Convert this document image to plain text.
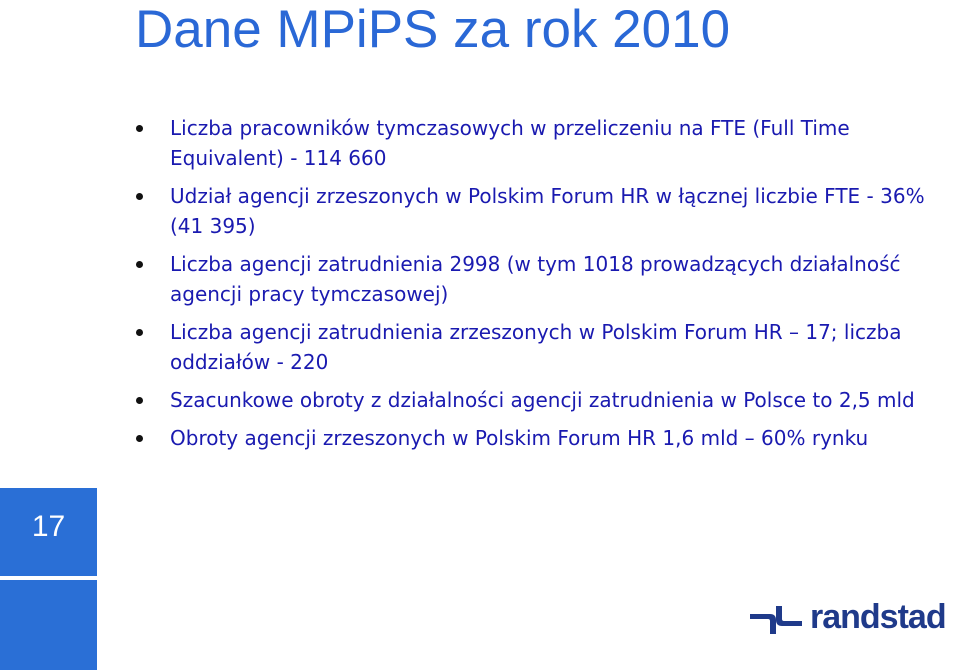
Dane MPiPS za rok 2010
Liczba pracowników tymczasowych w przeliczeniu na FTE (Full Time Equivalent) - 114 660
Udział agencji zrzeszonych w Polskim Forum HR w łącznej liczbie FTE - 36% (41 395)
Liczba agencji zatrudnienia 2998 (w tym 1018 prowadzących działalność agencji pracy tymczasowej)
Liczba agencji zatrudnienia zrzeszonych w Polskim Forum HR – 17; liczba oddziałów - 220
Szacunkowe obroty z działalności agencji zatrudnienia w Polsce to 2,5 mld
Obroty agencji zrzeszonych w Polskim Forum HR 1,6 mld – 60% rynku
17
randstad
